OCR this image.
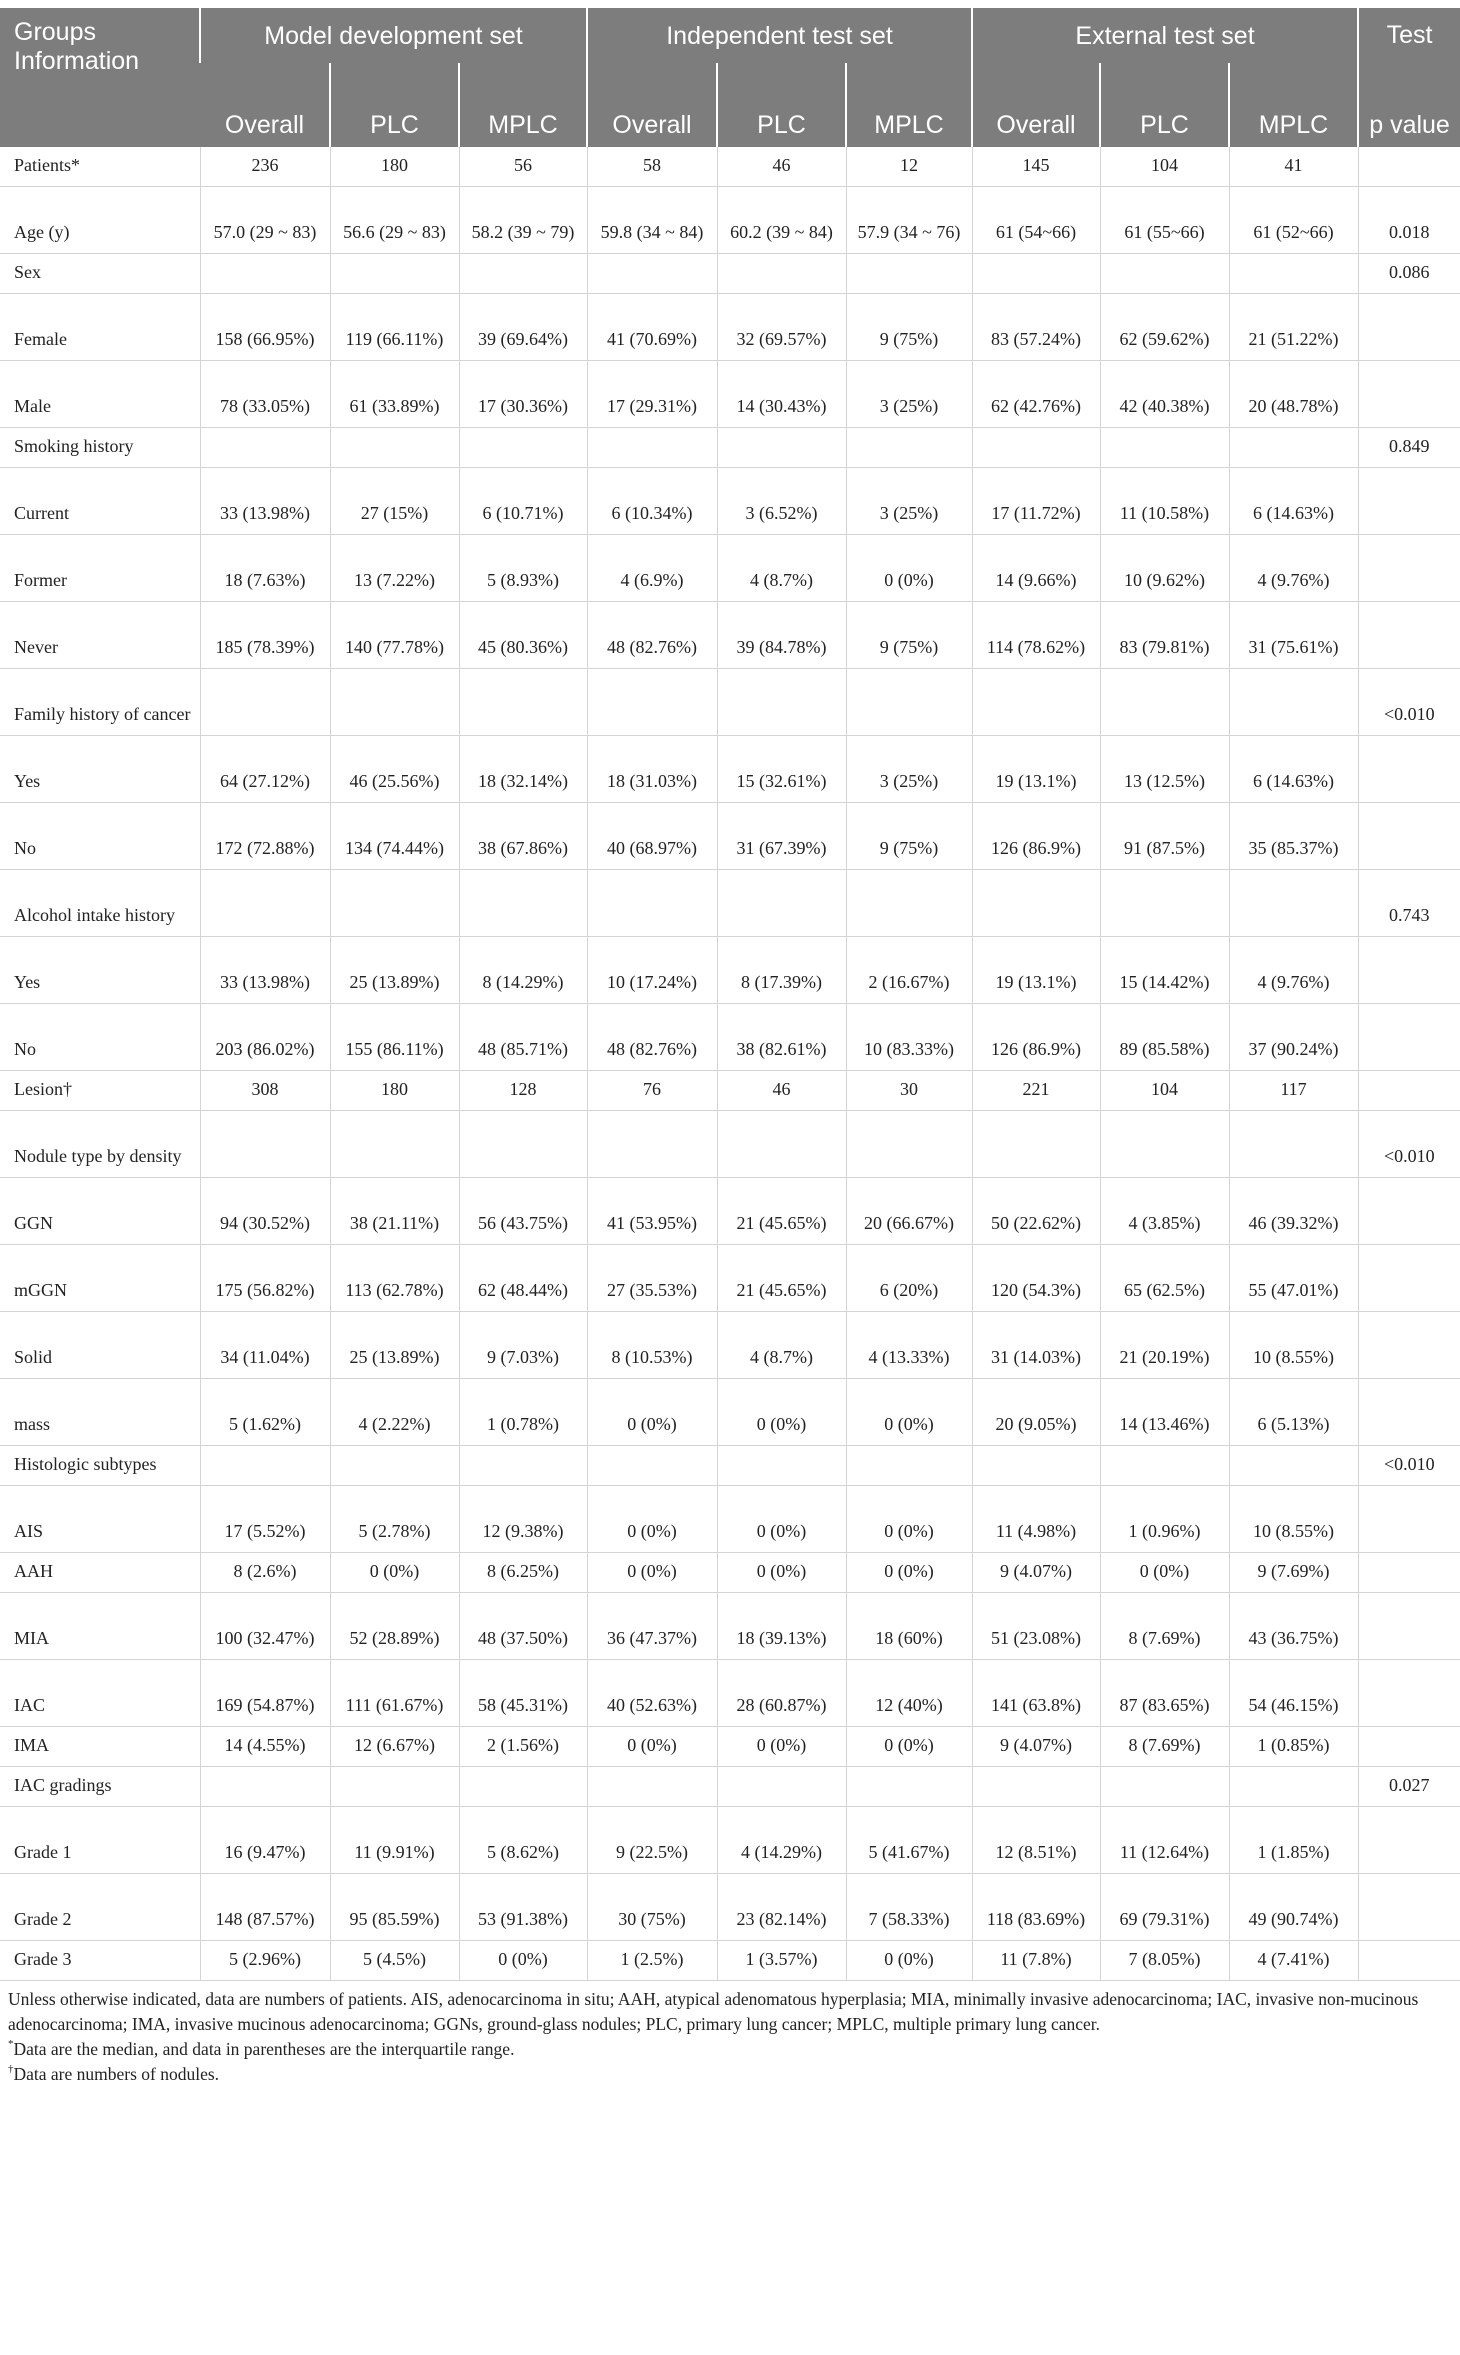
Groups Information	Model development set			Independent test set			External test set			Test
	Overall	PLC	MPLC	Overall	PLC	MPLC	Overall	PLC	MPLC	p value
Patients*	236	180	56	58	46	12	145	104	41	
Age (y)	57.0 (29 ~ 83)	56.6 (29 ~ 83)	58.2 (39 ~ 79)	59.8 (34 ~ 84)	60.2 (39 ~ 84)	57.9 (34 ~ 76)	61 (54~66)	61 (55~66)	61 (52~66)	0.018
Sex										0.086
Female	158 (66.95%)	119 (66.11%)	39 (69.64%)	41 (70.69%)	32 (69.57%)	9 (75%)	83 (57.24%)	62 (59.62%)	21 (51.22%)	
Male	78 (33.05%)	61 (33.89%)	17 (30.36%)	17 (29.31%)	14 (30.43%)	3 (25%)	62 (42.76%)	42 (40.38%)	20 (48.78%)	
Smoking history										0.849
Current	33 (13.98%)	27 (15%)	6 (10.71%)	6 (10.34%)	3 (6.52%)	3 (25%)	17 (11.72%)	11 (10.58%)	6 (14.63%)	
Former	18 (7.63%)	13 (7.22%)	5 (8.93%)	4 (6.9%)	4 (8.7%)	0 (0%)	14 (9.66%)	10 (9.62%)	4 (9.76%)	
Never	185 (78.39%)	140 (77.78%)	45 (80.36%)	48 (82.76%)	39 (84.78%)	9 (75%)	114 (78.62%)	83 (79.81%)	31 (75.61%)	
Family history of cancer										<0.010
Yes	64 (27.12%)	46 (25.56%)	18 (32.14%)	18 (31.03%)	15 (32.61%)	3 (25%)	19 (13.1%)	13 (12.5%)	6 (14.63%)	
No	172 (72.88%)	134 (74.44%)	38 (67.86%)	40 (68.97%)	31 (67.39%)	9 (75%)	126 (86.9%)	91 (87.5%)	35 (85.37%)	
Alcohol intake history										0.743
Yes	33 (13.98%)	25 (13.89%)	8 (14.29%)	10 (17.24%)	8 (17.39%)	2 (16.67%)	19 (13.1%)	15 (14.42%)	4 (9.76%)	
No	203 (86.02%)	155 (86.11%)	48 (85.71%)	48 (82.76%)	38 (82.61%)	10 (83.33%)	126 (86.9%)	89 (85.58%)	37 (90.24%)	
Lesion†	308	180	128	76	46	30	221	104	117	
Nodule type by density										<0.010
GGN	94 (30.52%)	38 (21.11%)	56 (43.75%)	41 (53.95%)	21 (45.65%)	20 (66.67%)	50 (22.62%)	4 (3.85%)	46 (39.32%)	
mGGN	175 (56.82%)	113 (62.78%)	62 (48.44%)	27 (35.53%)	21 (45.65%)	6 (20%)	120 (54.3%)	65 (62.5%)	55 (47.01%)	
Solid	34 (11.04%)	25 (13.89%)	9 (7.03%)	8 (10.53%)	4 (8.7%)	4 (13.33%)	31 (14.03%)	21 (20.19%)	10 (8.55%)	
mass	5 (1.62%)	4 (2.22%)	1 (0.78%)	0 (0%)	0 (0%)	0 (0%)	20 (9.05%)	14 (13.46%)	6 (5.13%)	
Histologic subtypes										<0.010
AIS	17 (5.52%)	5 (2.78%)	12 (9.38%)	0 (0%)	0 (0%)	0 (0%)	11 (4.98%)	1 (0.96%)	10 (8.55%)	
AAH	8 (2.6%)	0 (0%)	8 (6.25%)	0 (0%)	0 (0%)	0 (0%)	9 (4.07%)	0 (0%)	9 (7.69%)	
MIA	100 (32.47%)	52 (28.89%)	48 (37.50%)	36 (47.37%)	18 (39.13%)	18 (60%)	51 (23.08%)	8 (7.69%)	43 (36.75%)	
IAC	169 (54.87%)	111 (61.67%)	58 (45.31%)	40 (52.63%)	28 (60.87%)	12 (40%)	141 (63.8%)	87 (83.65%)	54 (46.15%)	
IMA	14 (4.55%)	12 (6.67%)	2 (1.56%)	0 (0%)	0 (0%)	0 (0%)	9 (4.07%)	8 (7.69%)	1 (0.85%)	
IAC gradings										0.027
Grade 1	16 (9.47%)	11 (9.91%)	5 (8.62%)	9 (22.5%)	4 (14.29%)	5 (41.67%)	12 (8.51%)	11 (12.64%)	1 (1.85%)	
Grade 2	148 (87.57%)	95 (85.59%)	53 (91.38%)	30 (75%)	23 (82.14%)	7 (58.33%)	118 (83.69%)	69 (79.31%)	49 (90.74%)	
Grade 3	5 (2.96%)	5 (4.5%)	0 (0%)	1 (2.5%)	1 (3.57%)	0 (0%)	11 (7.8%)	7 (8.05%)	4 (7.41%)	

Unless otherwise indicated, data are numbers of patients. AIS, adenocarcinoma in situ; AAH, atypical adenomatous hyperplasia; MIA, minimally invasive adenocarcinoma; IAC, invasive non-mucinous adenocarcinoma; IMA, invasive mucinous adenocarcinoma; GGNs, ground-glass nodules; PLC, primary lung cancer; MPLC, multiple primary lung cancer.

*Data are the median, and data in parentheses are the interquartile range.

†Data are numbers of nodules.
